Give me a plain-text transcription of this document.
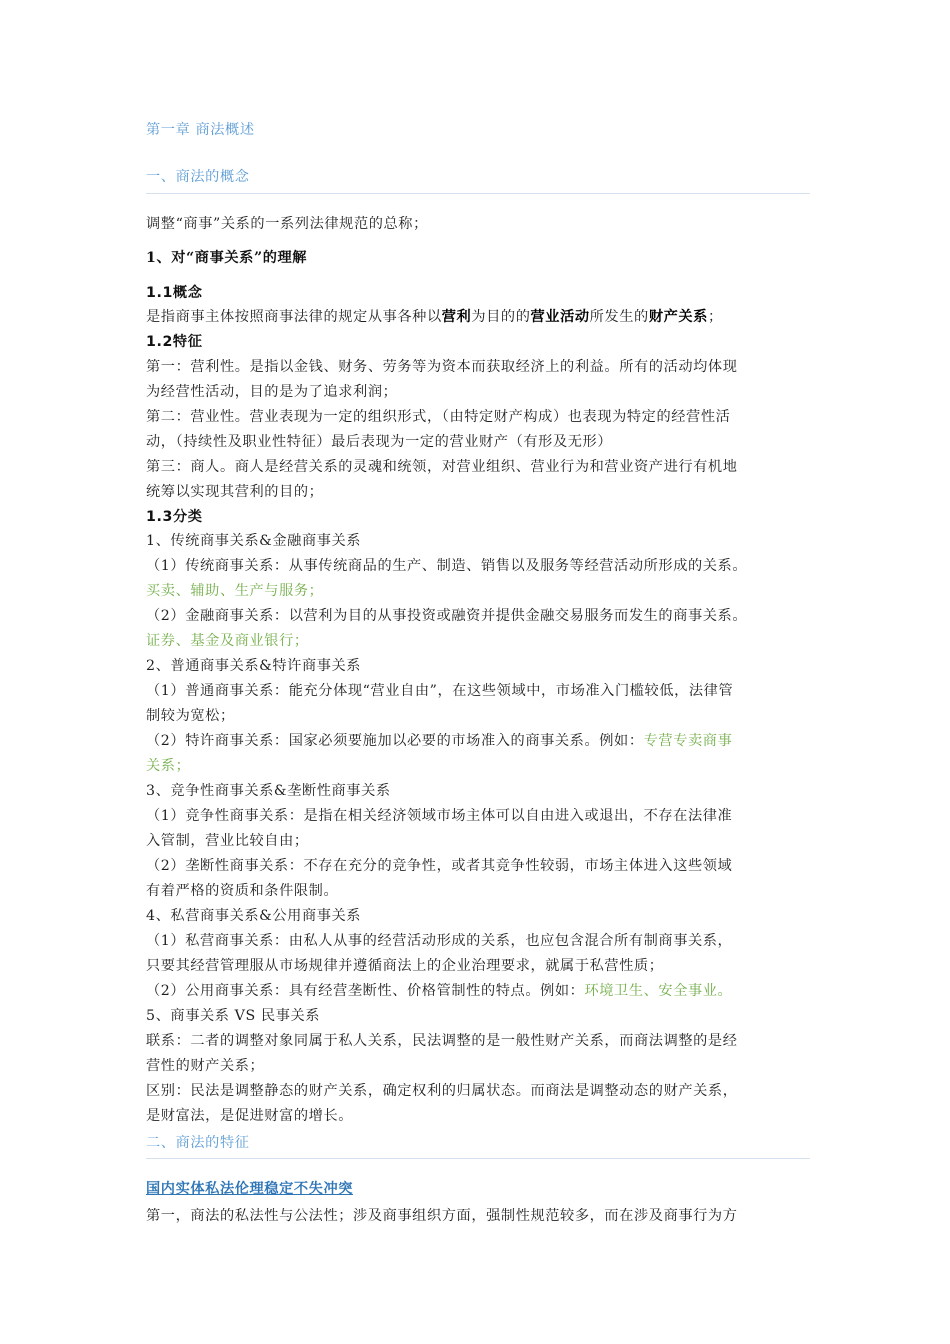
第一章 商法概述
一、商法的概念
调整“商事”关系的一系列法律规范的总称；
1、对“商事关系”的理解
1.1概念
是指商事主体按照商事法律的规定从事各种以营利为目的的营业活动所发生的财产关系；
1.2特征
第一：营利性。是指以金钱、财务、劳务等为资本而获取经济上的利益。所有的活动均体现
为经营性活动，目的是为了追求利润；
第二：营业性。营业表现为一定的组织形式，（由特定财产构成）也表现为特定的经营性活
动，（持续性及职业性特征）最后表现为一定的营业财产（有形及无形）
第三：商人。商人是经营关系的灵魂和统领，对营业组织、营业行为和营业资产进行有机地
统筹以实现其营利的目的；
1.3分类
1、传统商事关系&金融商事关系
（1）传统商事关系：从事传统商品的生产、制造、销售以及服务等经营活动所形成的关系。
买卖、辅助、生产与服务；
（2）金融商事关系：以营利为目的从事投资或融资并提供金融交易服务而发生的商事关系。
证券、基金及商业银行；
2、普通商事关系&特许商事关系
（1）普通商事关系：能充分体现“营业自由”，在这些领域中，市场准入门槛较低，法律管
制较为宽松；
（2）特许商事关系：国家必须要施加以必要的市场准入的商事关系。例如：专营专卖商事
关系；
3、竞争性商事关系&垄断性商事关系
（1）竞争性商事关系：是指在相关经济领域市场主体可以自由进入或退出，不存在法律准
入管制，营业比较自由；
（2）垄断性商事关系：不存在充分的竞争性，或者其竞争性较弱，市场主体进入这些领域
有着严格的资质和条件限制。
4、私营商事关系&公用商事关系
（1）私营商事关系：由私人从事的经营活动形成的关系，也应包含混合所有制商事关系，
只要其经营管理服从市场规律并遵循商法上的企业治理要求，就属于私营性质；
（2）公用商事关系：具有经营垄断性、价格管制性的特点。例如：环境卫生、安全事业。
5、商事关系 VS 民事关系
联系：二者的调整对象同属于私人关系，民法调整的是一般性财产关系，而商法调整的是经
营性的财产关系；
区别：民法是调整静态的财产关系，确定权利的归属状态。而商法是调整动态的财产关系，
是财富法，是促进财富的增长。
二、商法的特征
国内实体私法伦理稳定不失冲突
第一，商法的私法性与公法性；涉及商事组织方面，强制性规范较多，而在涉及商事行为方
